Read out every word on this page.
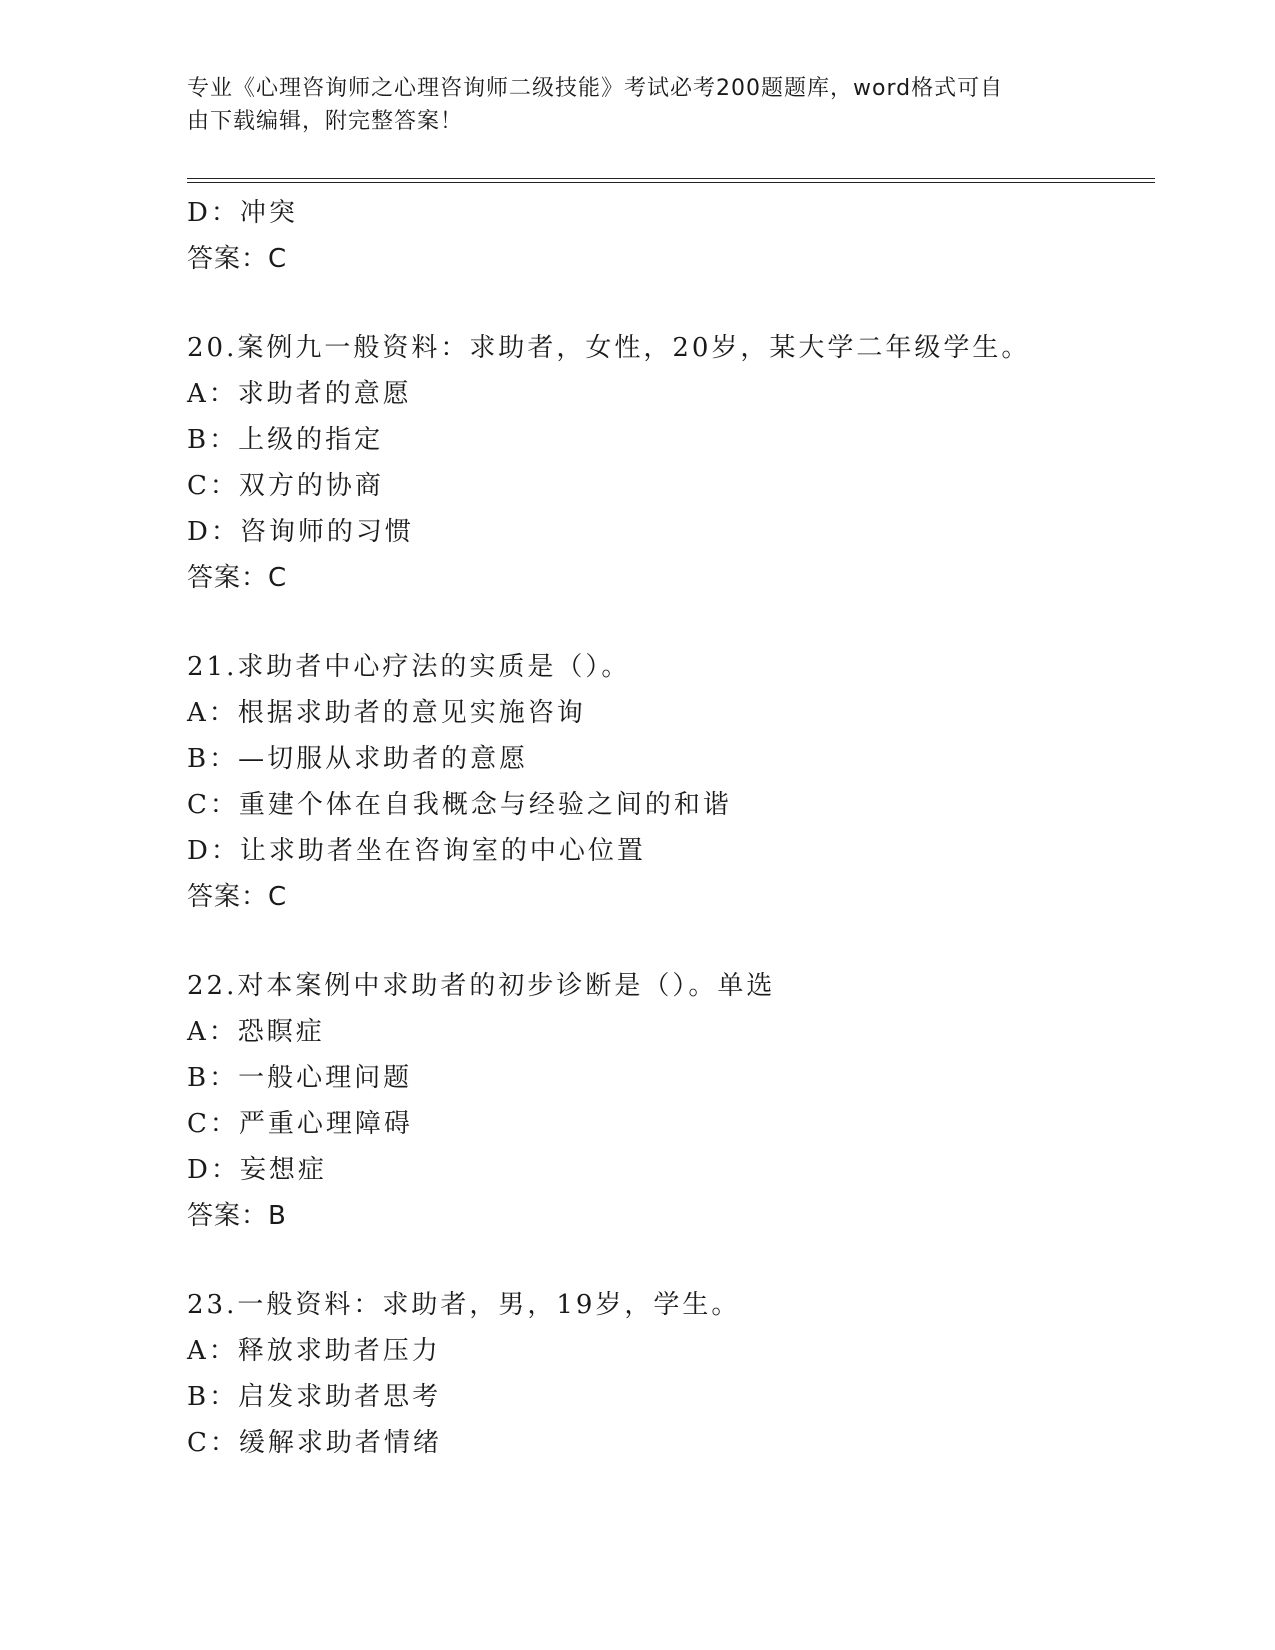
专业《心理咨询师之心理咨询师二级技能》考试必考200题题库，word格式可自
由下载编辑，附完整答案！
D：冲突
答案：C
20.案例九一般资料：求助者，女性，20岁，某大学二年级学生。
A：求助者的意愿
B：上级的指定
C：双方的协商
D：咨询师的习惯
答案：C
21.求助者中心疗法的实质是（）。
A：根据求助者的意见实施咨询
B：—切服从求助者的意愿
C：重建个体在自我概念与经验之间的和谐
D：让求助者坐在咨询室的中心位置
答案：C
22.对本案例中求助者的初步诊断是（）。单选
A：恐瞑症
B：一般心理问题
C：严重心理障碍
D：妄想症
答案：B
23.一般资料：求助者，男，19岁，学生。
A：释放求助者压力
B：启发求助者思考
C：缓解求助者情绪
